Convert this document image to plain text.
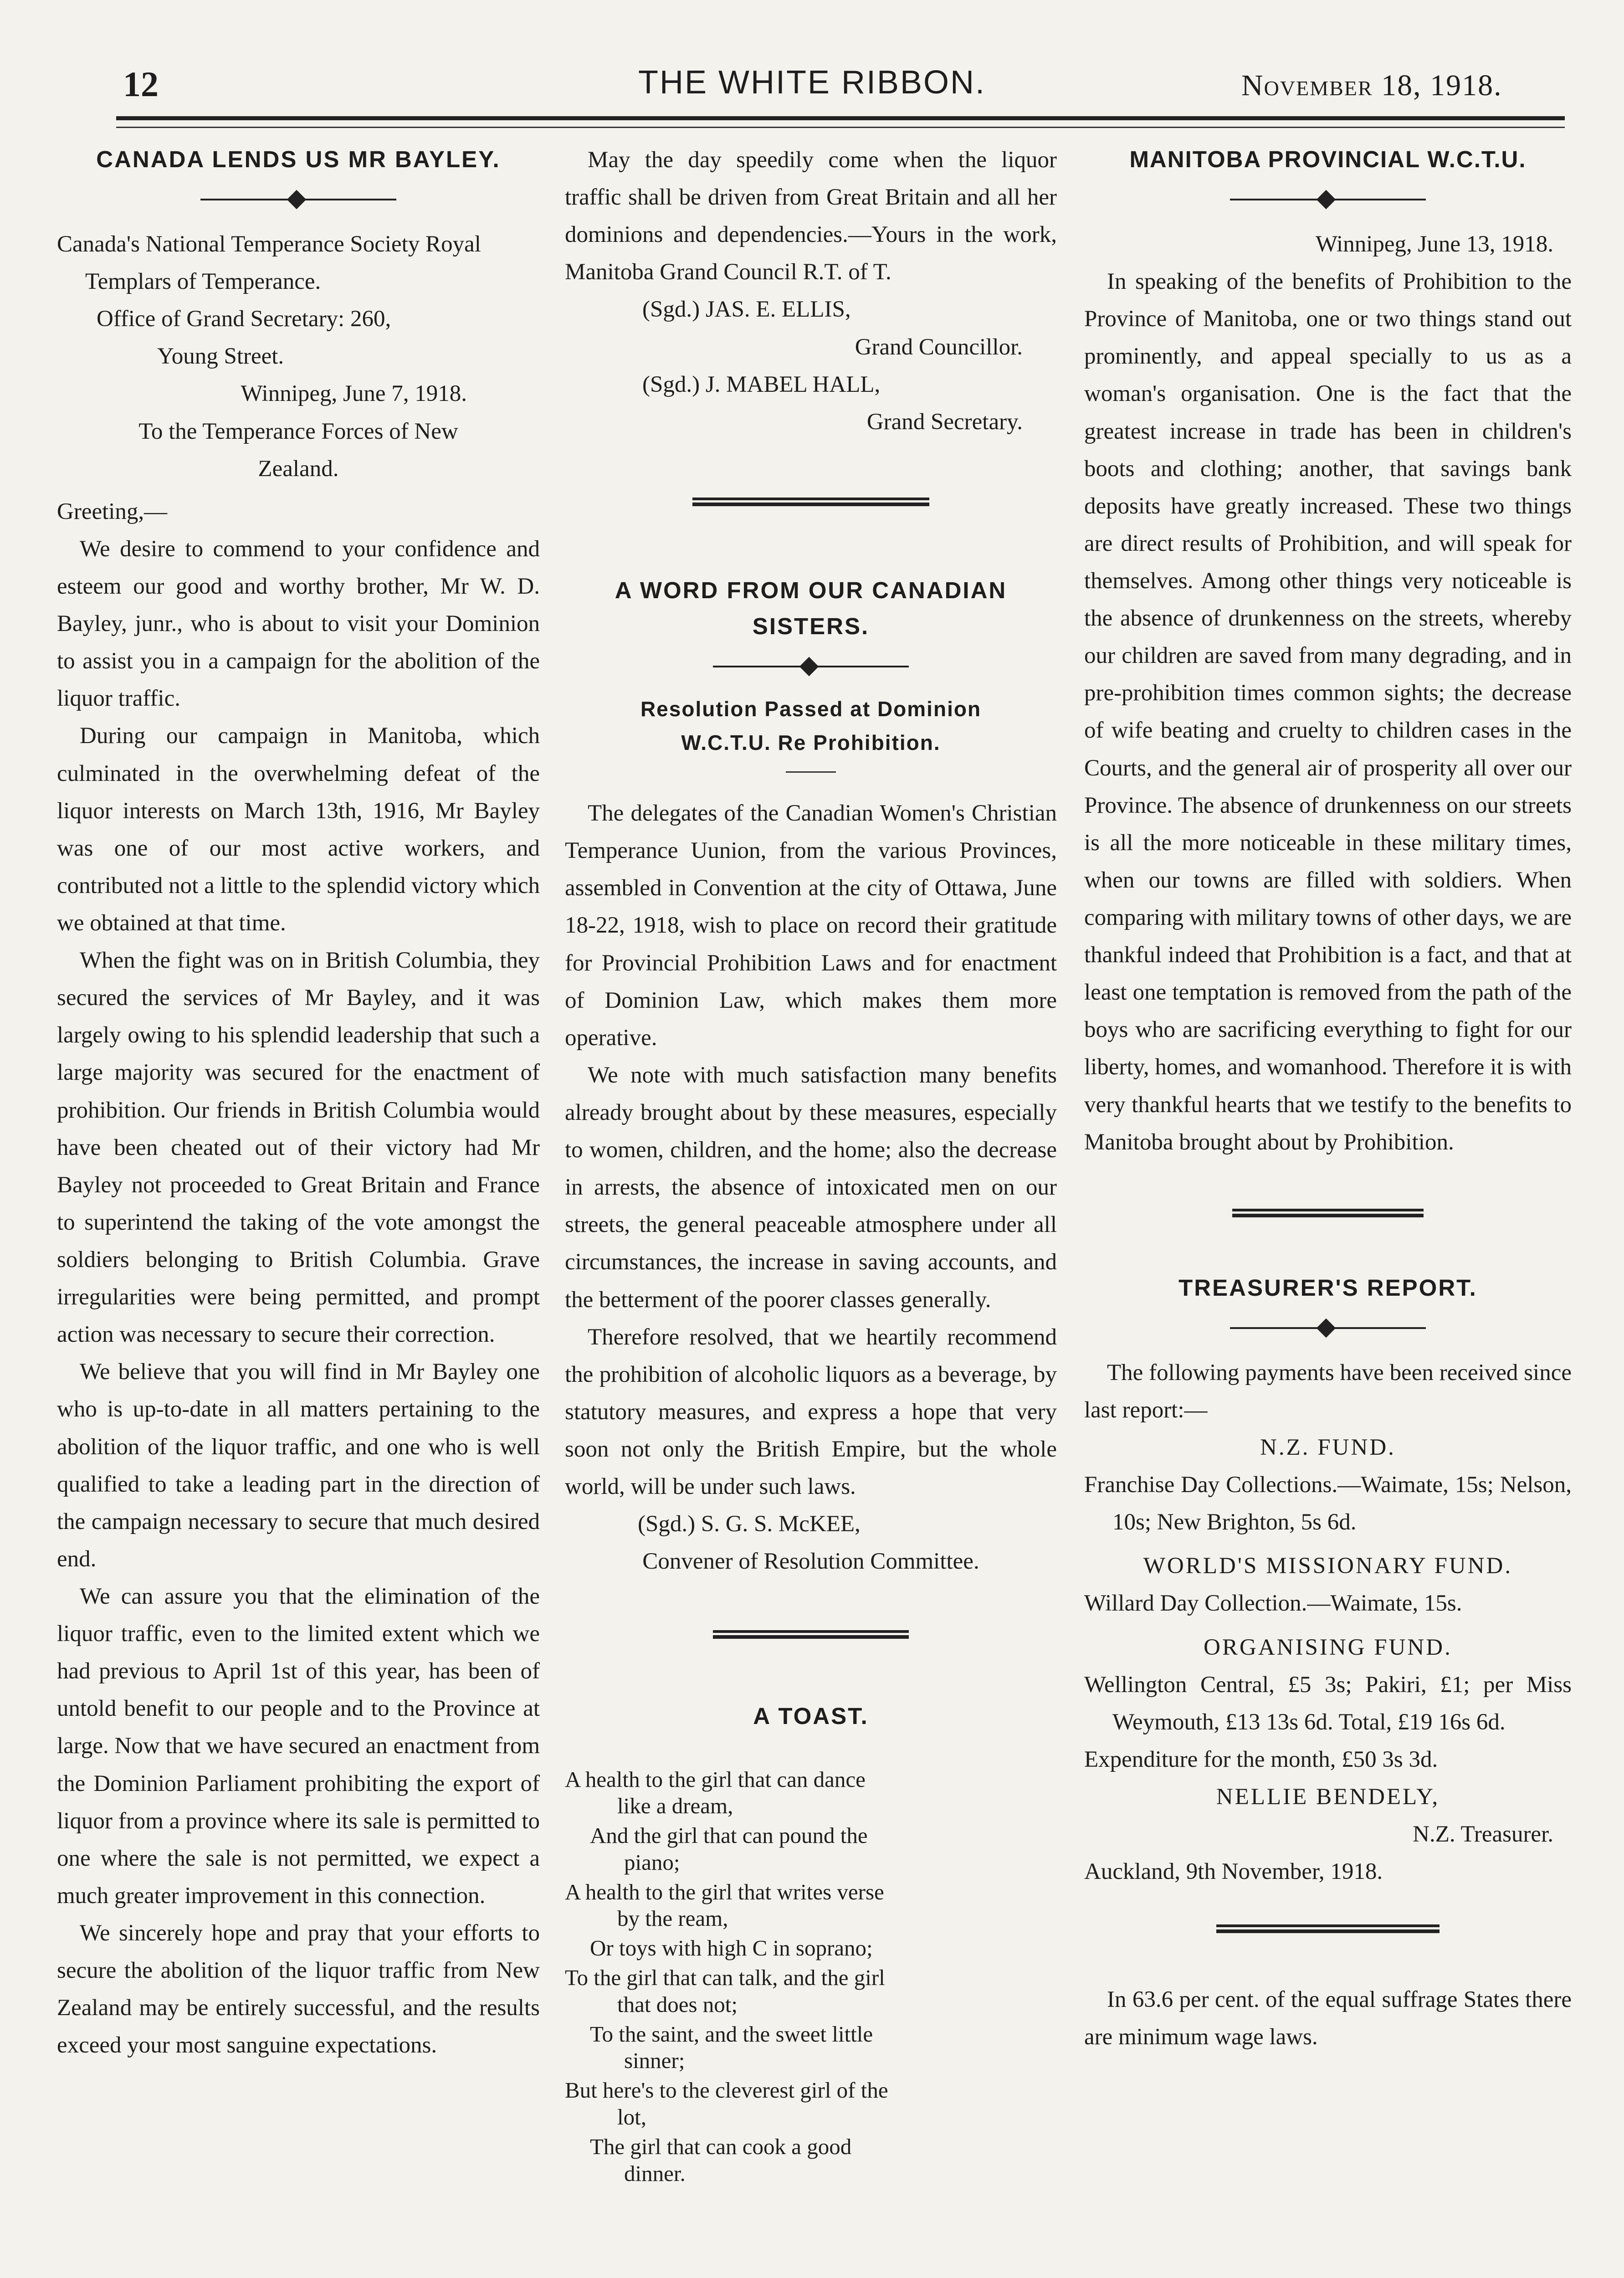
12	THE WHITE RIBBON.	November 18, 1918.
CANADA LENDS US MR BAYLEY.

Canada's National Temperance Society Royal Templars of Temperance.

Office of Grand Secretary: 260,

Young Street.

Winnipeg, June 7, 1918.

To the Temperance Forces of New Zealand.

Greeting,—

We desire to commend to your confidence and esteem our good and worthy brother, Mr W. D. Bayley, junr., who is about to visit your Dominion to assist you in a campaign for the abolition of the liquor traffic.

During our campaign in Manitoba, which culminated in the overwhelming defeat of the liquor interests on March 13th, 1916, Mr Bayley was one of our most active workers, and contributed not a little to the splendid victory which we obtained at that time.

When the fight was on in British Columbia, they secured the services of Mr Bayley, and it was largely owing to his splendid leadership that such a large majority was secured for the enactment of prohibition. Our friends in British Columbia would have been cheated out of their victory had Mr Bayley not proceeded to Great Britain and France to superintend the taking of the vote amongst the soldiers belonging to British Columbia. Grave irregularities were being permitted, and prompt action was necessary to secure their correction.

We believe that you will find in Mr Bayley one who is up-to-date in all matters pertaining to the abolition of the liquor traffic, and one who is well qualified to take a leading part in the direction of the campaign necessary to secure that much desired end.

We can assure you that the elimination of the liquor traffic, even to the limited extent which we had previous to April 1st of this year, has been of untold benefit to our people and to the Province at large. Now that we have secured an enactment from the Dominion Parliament prohibiting the export of liquor from a province where its sale is permitted to one where the sale is not permitted, we expect a much greater improvement in this connection.

We sincerely hope and pray that your efforts to secure the abolition of the liquor traffic from New Zealand may be entirely successful, and the results exceed your most sanguine expectations.

May the day speedily come when the liquor traffic shall be driven from Great Britain and all her dominions and dependencies.—Yours in the work, Manitoba Grand Council R.T. of T.

(Sgd.) JAS. E. ELLIS,

Grand Councillor.

(Sgd.) J. MABEL HALL,

Grand Secretary.

A WORD FROM OUR CANADIAN SISTERS.
Resolution Passed at Dominion W.C.T.U. Re Prohibition.

The delegates of the Canadian Women's Christian Temperance Uunion, from the various Provinces, assembled in Convention at the city of Ottawa, June 18-22, 1918, wish to place on record their gratitude for Provincial Prohibition Laws and for enactment of Dominion Law, which makes them more operative.

We note with much satisfaction many benefits already brought about by these measures, especially to women, children, and the home; also the decrease in arrests, the absence of intoxicated men on our streets, the general peaceable atmosphere under all circumstances, the increase in saving accounts, and the betterment of the poorer classes generally.

Therefore resolved, that we heartily recommend the prohibition of alcoholic liquors as a beverage, by statutory measures, and express a hope that very soon not only the British Empire, but the whole world, will be under such laws.

(Sgd.) S. G. S. McKEE,

Convener of Resolution Committee.

A TOAST.

A health to the girl that can dance

like a dream,

And the girl that can pound the

piano;

A health to the girl that writes verse

by the ream,

Or toys with high C in soprano;

To the girl that can talk, and the girl

that does not;

To the saint, and the sweet little

sinner;

But here's to the cleverest girl of the

lot,

The girl that can cook a good

dinner.

MANITOBA PROVINCIAL W.C.T.U.

Winnipeg, June 13, 1918.

In speaking of the benefits of Prohibition to the Province of Manitoba, one or two things stand out prominently, and appeal specially to us as a woman's organisation. One is the fact that the greatest increase in trade has been in children's boots and clothing; another, that savings bank deposits have greatly increased. These two things are direct results of Prohibition, and will speak for themselves. Among other things very noticeable is the absence of drunkenness on the streets, whereby our children are saved from many degrading, and in pre-prohibition times common sights; the decrease of wife beating and cruelty to children cases in the Courts, and the general air of prosperity all over our Province. The absence of drunkenness on our streets is all the more noticeable in these military times, when our towns are filled with soldiers. When comparing with military towns of other days, we are thankful indeed that Prohibition is a fact, and that at least one temptation is removed from the path of the boys who are sacrificing everything to fight for our liberty, homes, and womanhood. Therefore it is with very thankful hearts that we testify to the benefits to Manitoba brought about by Prohibition.

TREASURER'S REPORT.

The following payments have been received since last report:—

N.Z. FUND.

Franchise Day Collections.—Waimate, 15s; Nelson, 10s; New Brighton, 5s 6d.

WORLD'S MISSIONARY FUND.

Willard Day Collection.—Waimate, 15s.

ORGANISING FUND.

Wellington Central, £5 3s; Pakiri, £1; per Miss Weymouth, £13 13s 6d. Total, £19 16s 6d.

Expenditure for the month, £50 3s 3d.

NELLIE BENDELY,

N.Z. Treasurer.

Auckland, 9th November, 1918.

In 63.6 per cent. of the equal suffrage States there are minimum wage laws.
